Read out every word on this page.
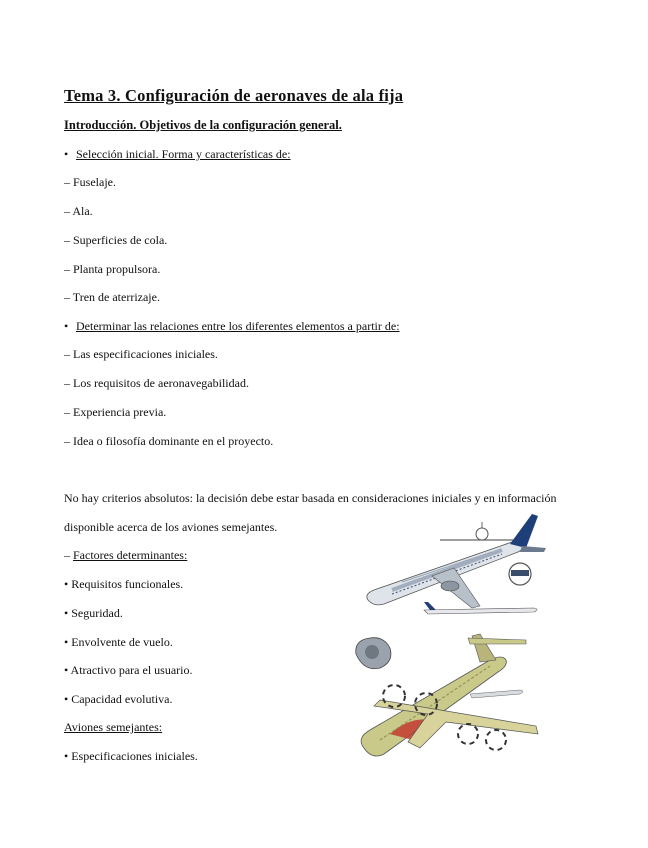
Tema 3. Configuración de aeronaves de ala fija
Introducción. Objetivos de la configuración general.
• Selección inicial. Forma y características de:
– Fuselaje.
– Ala.
– Superficies de cola.
– Planta propulsora.
– Tren de aterrizaje.
• Determinar las relaciones entre los diferentes elementos a partir de:
– Las especificaciones iniciales.
– Los requisitos de aeronavegabilidad.
– Experiencia previa.
– Idea o filosofía dominante en el proyecto.
No hay criterios absolutos: la decisión debe estar basada en consideraciones iniciales y en información
disponible acerca de los aviones semejantes.
– Factores determinantes:
• Requisitos funcionales.
• Seguridad.
• Envolvente de vuelo.
• Atractivo para el usuario.
• Capacidad evolutiva.
Aviones semejantes:
• Especificaciones iniciales.
